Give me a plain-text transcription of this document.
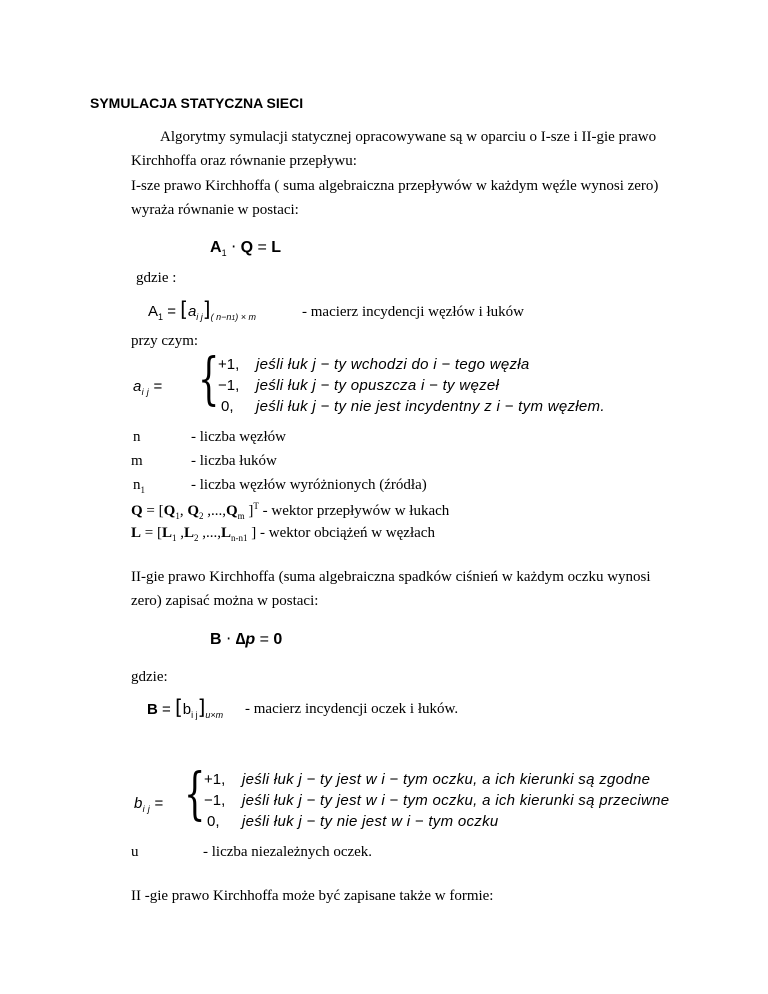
SYMULACJA STATYCZNA SIECI
Algorytmy symulacji statycznej opracowywane są w oparciu o I-sze i II-gie prawo
Kirchhoffa oraz równanie przepływu:
I-sze prawo Kirchhoffa ( suma algebraiczna przepływów w każdym węźle wynosi zero)
wyraża równanie w postaci:
$A_1 \cdot Q = L$
gdzie :
$A_1 = [a_{i j}]_{( n-n1) \times m}$	- macierz incydencji węzłów i łuków
przy czym:
$a_{i j}$ = {
+1, jeśli łuk j − ty wchodzi do i − tego węzła
−1, jeśli łuk j − ty opuszcza i − ty węzeł
0, jeśli łuk j − ty nie jest incydentny z i − tym węzłem.
n	- liczba węzłów
m	- liczba łuków
$n_1$	- liczba węzłów wyróżnionych (źródła)
$Q = [Q_1$, $Q_2$ $,...,Q_m$ ]$^T$ - wektor przepływów w łukach
$L = [L_1$ $,L_2$ $,...,L_{n-n1}$ ] - wektor obciążeń w węzłach
II-gie prawo Kirchhoffa (suma algebraiczna spadków ciśnień w każdym oczku wynosi
zero) zapisać można w postaci:
B ⋅ ∆p = 0
gdzie:
$B = [b_{i j}]_{u\times m}$ - macierz incydencji oczek i łuków.
$b_{i j}$ = {
+1, jeśli łuk j − ty jest w i − tym oczku, a ich kierunki są zgodne
−1, jeśli łuk j − ty jest w i − tym oczku, a ich kierunki są przeciwne
0, jeśli łuk j − ty nie jest w i − tym oczku
u	- liczba niezależnych oczek.
II -gie prawo Kirchhoffa może być zapisane także w formie:
